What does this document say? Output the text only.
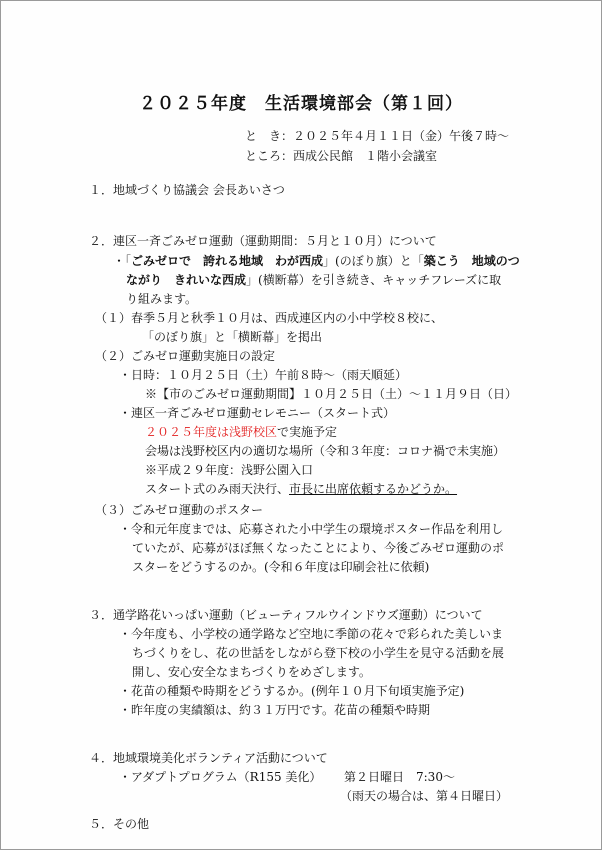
２０２５年度　生活環境部会（第１回）
と　き：２０２５年４月１１日（金）午後７時～
ところ：西成公民館　１階小会議室
１．地域づくり協議会 会長あいさつ
２．連区一斉ごみゼロ運動（運動期間：５月と１０月）について
・「ごみゼロで　誇れる地域　わが西成」(のぼり旗）と「築こう　地域のつ
ながり　きれいな西成」(横断幕）を引き続き、キャッチフレーズに取
り組みます。
（１）春季５月と秋季１０月は、西成連区内の小中学校８校に、
「のぼり旗」と「横断幕」を掲出
（２）ごみゼロ運動実施日の設定
・日時：１０月２５日（土）午前８時～（雨天順延）
※【市のごみゼロ運動期間】１０月２５日（土）～１１月９日（日）
・連区一斉ごみゼロ運動セレモニー（スタート式）
２０２５年度は浅野校区で実施予定
会場は浅野校区内の適切な場所（令和３年度：コロナ禍で未実施）
※平成２９年度：浅野公園入口
スタート式のみ雨天決行、市長に出席依頼するかどうか。
（３）ごみゼロ運動のポスター
・令和元年度までは、応募された小中学生の環境ポスター作品を利用し
ていたが、応募がほぼ無くなったことにより、今後ごみゼロ運動のポ
スターをどうするのか。(令和６年度は印刷会社に依頼)
３．通学路花いっぱい運動（ビューティフルウインドウズ運動）について
・今年度も、小学校の通学路など空地に季節の花々で彩られた美しいま
ちづくりをし、花の世話をしながら登下校の小学生を見守る活動を展
開し、安心安全なまちづくりをめざします。
・花苗の種類や時期をどうするか。(例年１０月下旬頃実施予定)
・昨年度の実績額は、約３１万円です。花苗の種類や時期
４．地域環境美化ボランティア活動について
・アダプトプログラム（R155 美化） 第２日曜日　7:30～
（雨天の場合は、第４日曜日）
５．その他
